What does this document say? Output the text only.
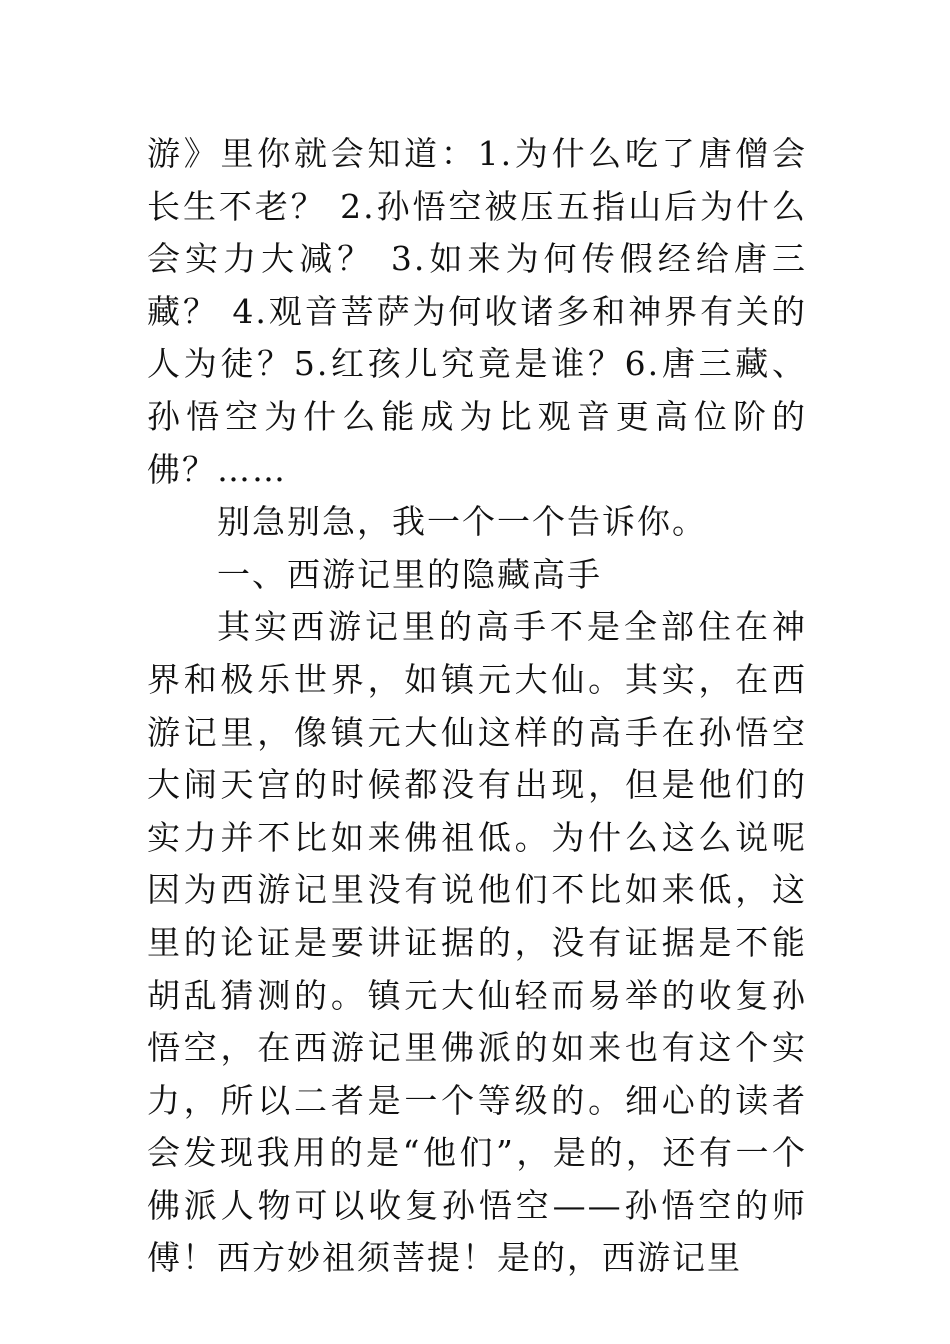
游》里你就会知道：1.为什么吃了唐僧会长生不老？ 2.孙悟空被压五指山后为什么会实力大减？ 3.如来为何传假经给唐三藏？ 4.观音菩萨为何收诸多和神界有关的人为徒？5.红孩儿究竟是谁？6.唐三藏、孙悟空为什么能成为比观音更高位阶的佛？……

别急别急，我一个一个告诉你。

一、西游记里的隐藏高手

其实西游记里的高手不是全部住在神界和极乐世界，如镇元大仙。其实，在西游记里，像镇元大仙这样的高手在孙悟空大闹天宫的时候都没有出现，但是他们的实力并不比如来佛祖低。为什么这么说呢因为西游记里没有说他们不比如来低，这里的论证是要讲证据的，没有证据是不能胡乱猜测的。镇元大仙轻而易举的收复孙悟空，在西游记里佛派的如来也有这个实力，所以二者是一个等级的。细心的读者会发现我用的是“他们”，是的，还有一个佛派人物可以收复孙悟空——孙悟空的师傅！西方妙祖须菩提！是的，西游记里
